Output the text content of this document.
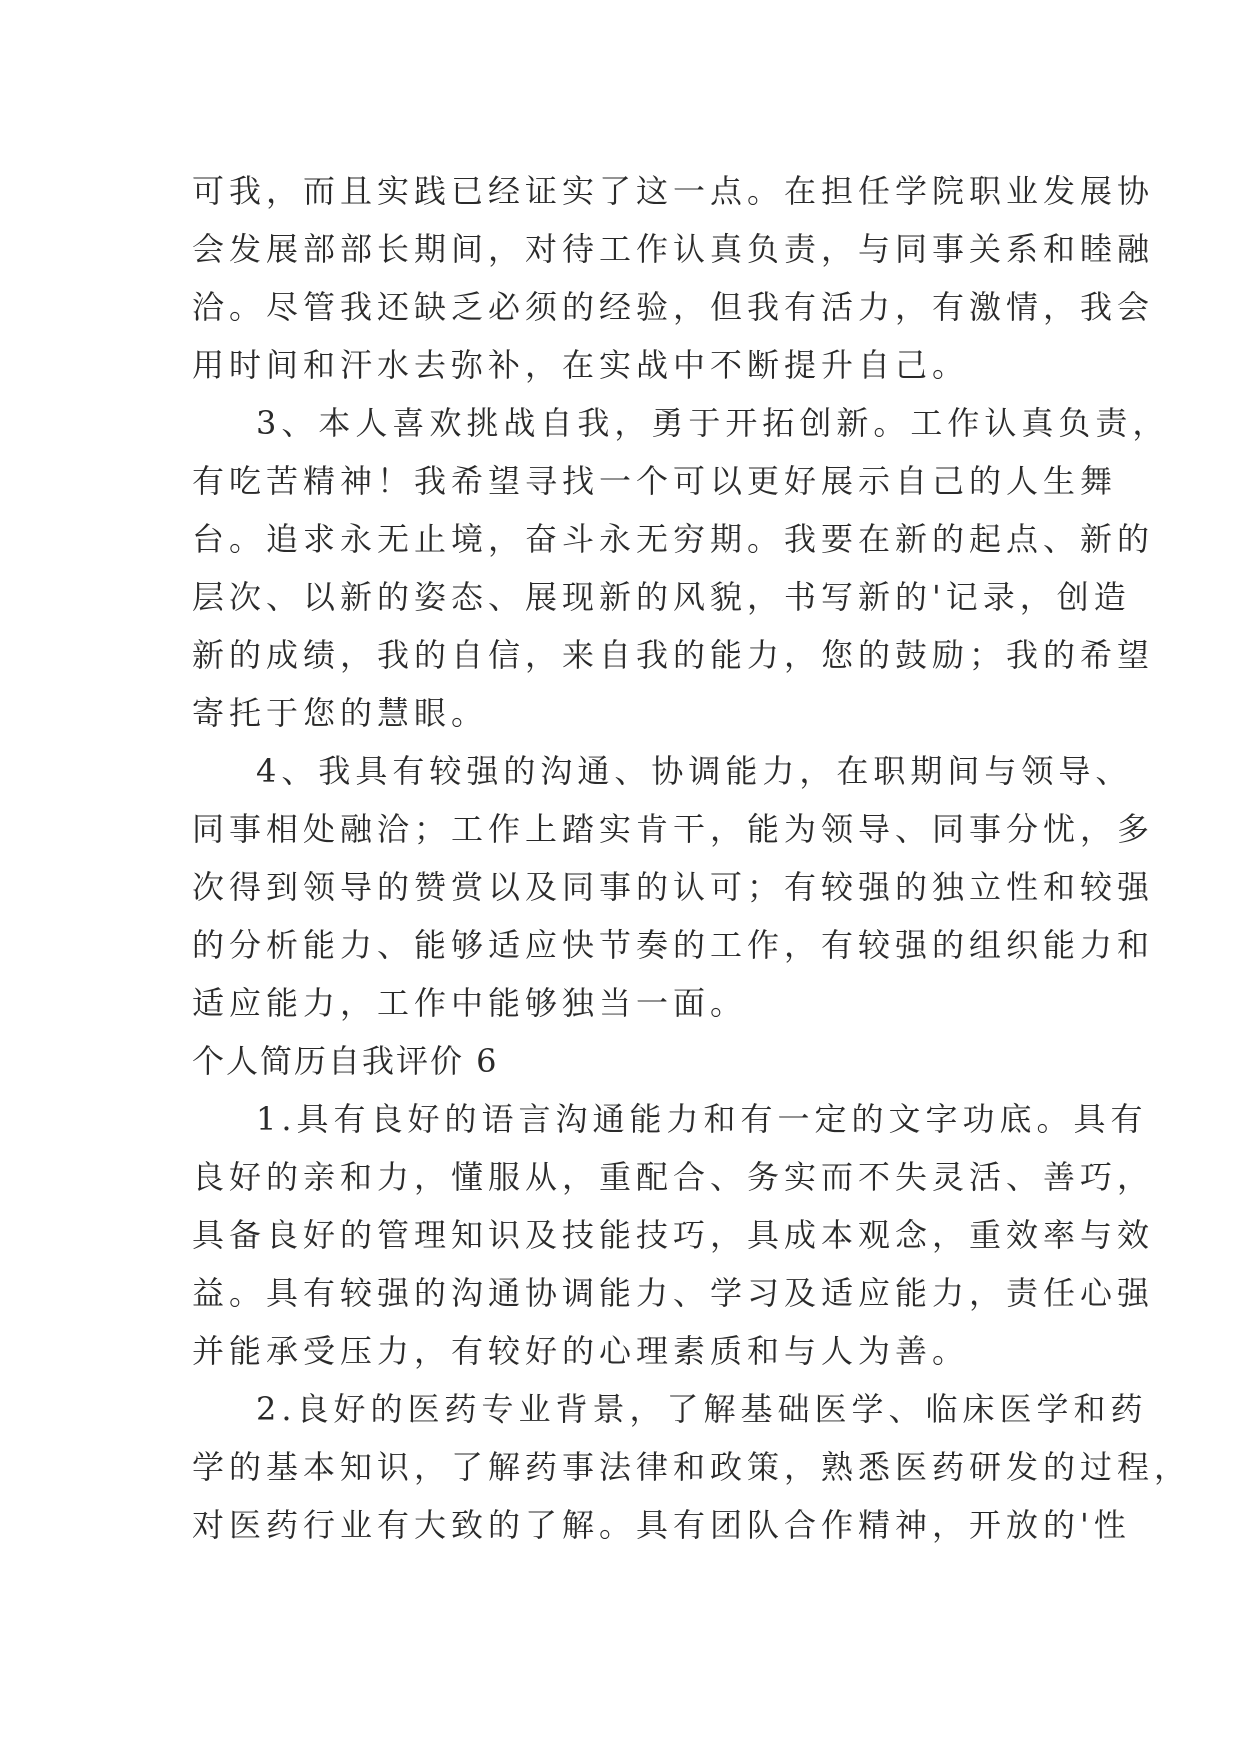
可我，而且实践已经证实了这一点。在担任学院职业发展协
会发展部部长期间，对待工作认真负责，与同事关系和睦融
洽。尽管我还缺乏必须的经验，但我有活力，有激情，我会
用时间和汗水去弥补，在实战中不断提升自己。
3、本人喜欢挑战自我，勇于开拓创新。工作认真负责，
有吃苦精神！我希望寻找一个可以更好展示自己的人生舞
台。追求永无止境，奋斗永无穷期。我要在新的起点、新的
层次、以新的姿态、展现新的风貌，书写新的'记录，创造
新的成绩，我的自信，来自我的能力，您的鼓励；我的希望
寄托于您的慧眼。
4、我具有较强的沟通、协调能力，在职期间与领导、
同事相处融洽；工作上踏实肯干，能为领导、同事分忧，多
次得到领导的赞赏以及同事的认可；有较强的独立性和较强
的分析能力、能够适应快节奏的工作，有较强的组织能力和
适应能力，工作中能够独当一面。
个人简历自我评价 6
1.具有良好的语言沟通能力和有一定的文字功底。具有
良好的亲和力，懂服从，重配合、务实而不失灵活、善巧，
具备良好的管理知识及技能技巧，具成本观念，重效率与效
益。具有较强的沟通协调能力、学习及适应能力，责任心强
并能承受压力，有较好的心理素质和与人为善。
2.良好的医药专业背景，了解基础医学、临床医学和药
学的基本知识，了解药事法律和政策，熟悉医药研发的过程，
对医药行业有大致的了解。具有团队合作精神，开放的'性
